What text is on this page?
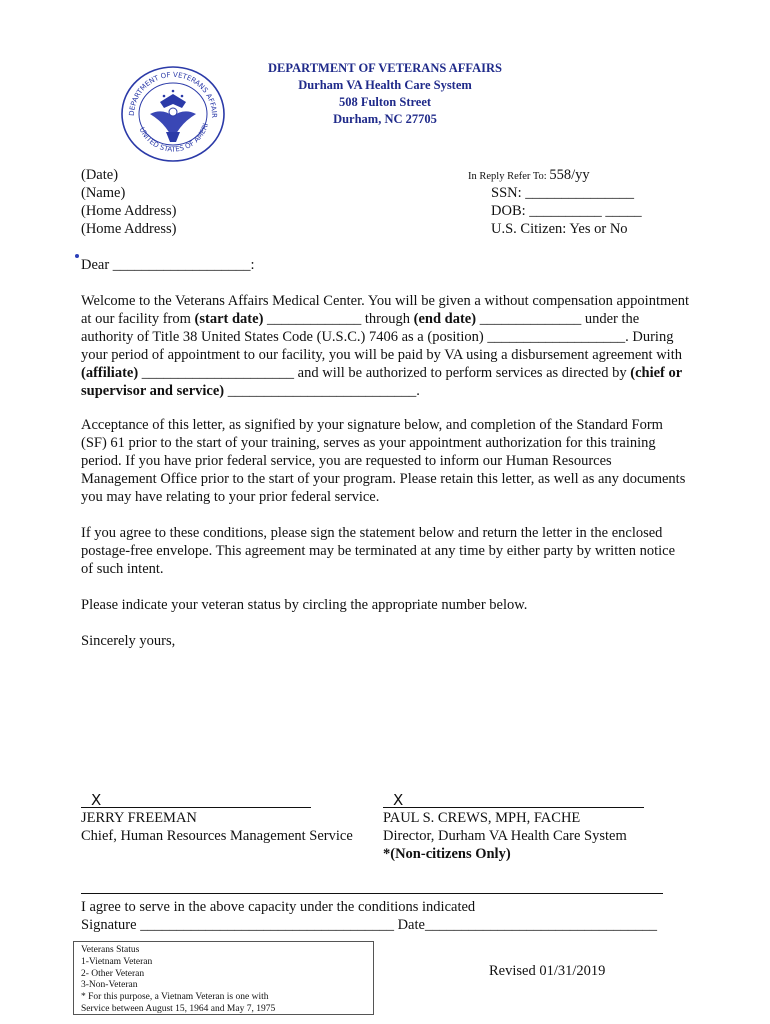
DEPARTMENT OF VETERANS AFFAIR
UNITED STATES OF AMERI
DEPARTMENT OF VETERANS AFFAIRS
Durham VA Health Care System
508 Fulton Street
Durham, NC 27705
(Date)
(Name)
(Home Address)
(Home Address)
In Reply Refer To: 558/yy
SSN: _______________
DOB: __________ _____
U.S. Citizen: Yes or No
Dear ___________________:
Welcome to the Veterans Affairs Medical Center. You will be given a without compensation appointment at our facility from (start date) _____________ through (end date) ______________ under the authority of Title 38 United States Code (U.S.C.) 7406 as a (position) ___________________. During your period of appointment to our facility, you will be paid by VA using a disbursement agreement with (affiliate) _____________________ and will be authorized to perform services as directed by (chief or supervisor and service) __________________________.
Acceptance of this letter, as signified by your signature below, and completion of the Standard Form (SF) 61 prior to the start of your training, serves as your appointment authorization for this training period. If you have prior federal service, you are requested to inform our Human Resources Management Office prior to the start of your program. Please retain this letter, as well as any documents you may have relating to your prior federal service.
If you agree to these conditions, please sign the statement below and return the letter in the enclosed postage-free envelope. This agreement may be terminated at any time by either party by written notice of such intent.
Please indicate your veteran status by circling the appropriate number below.
Sincerely yours,
X
JERRY FREEMAN
Chief, Human Resources Management Service
X
PAUL S. CREWS, MPH, FACHE
Director, Durham VA Health Care System
*(Non-citizens Only)
I agree to serve in the above capacity under the conditions indicated
Signature ___________________________________ Date________________________________
Veterans Status
1-Vietnam Veteran
2- Other Veteran
3-Non-Veteran
* For this purpose, a Vietnam Veteran is one with
Service between August 15, 1964 and May 7, 1975
Revised 01/31/2019
